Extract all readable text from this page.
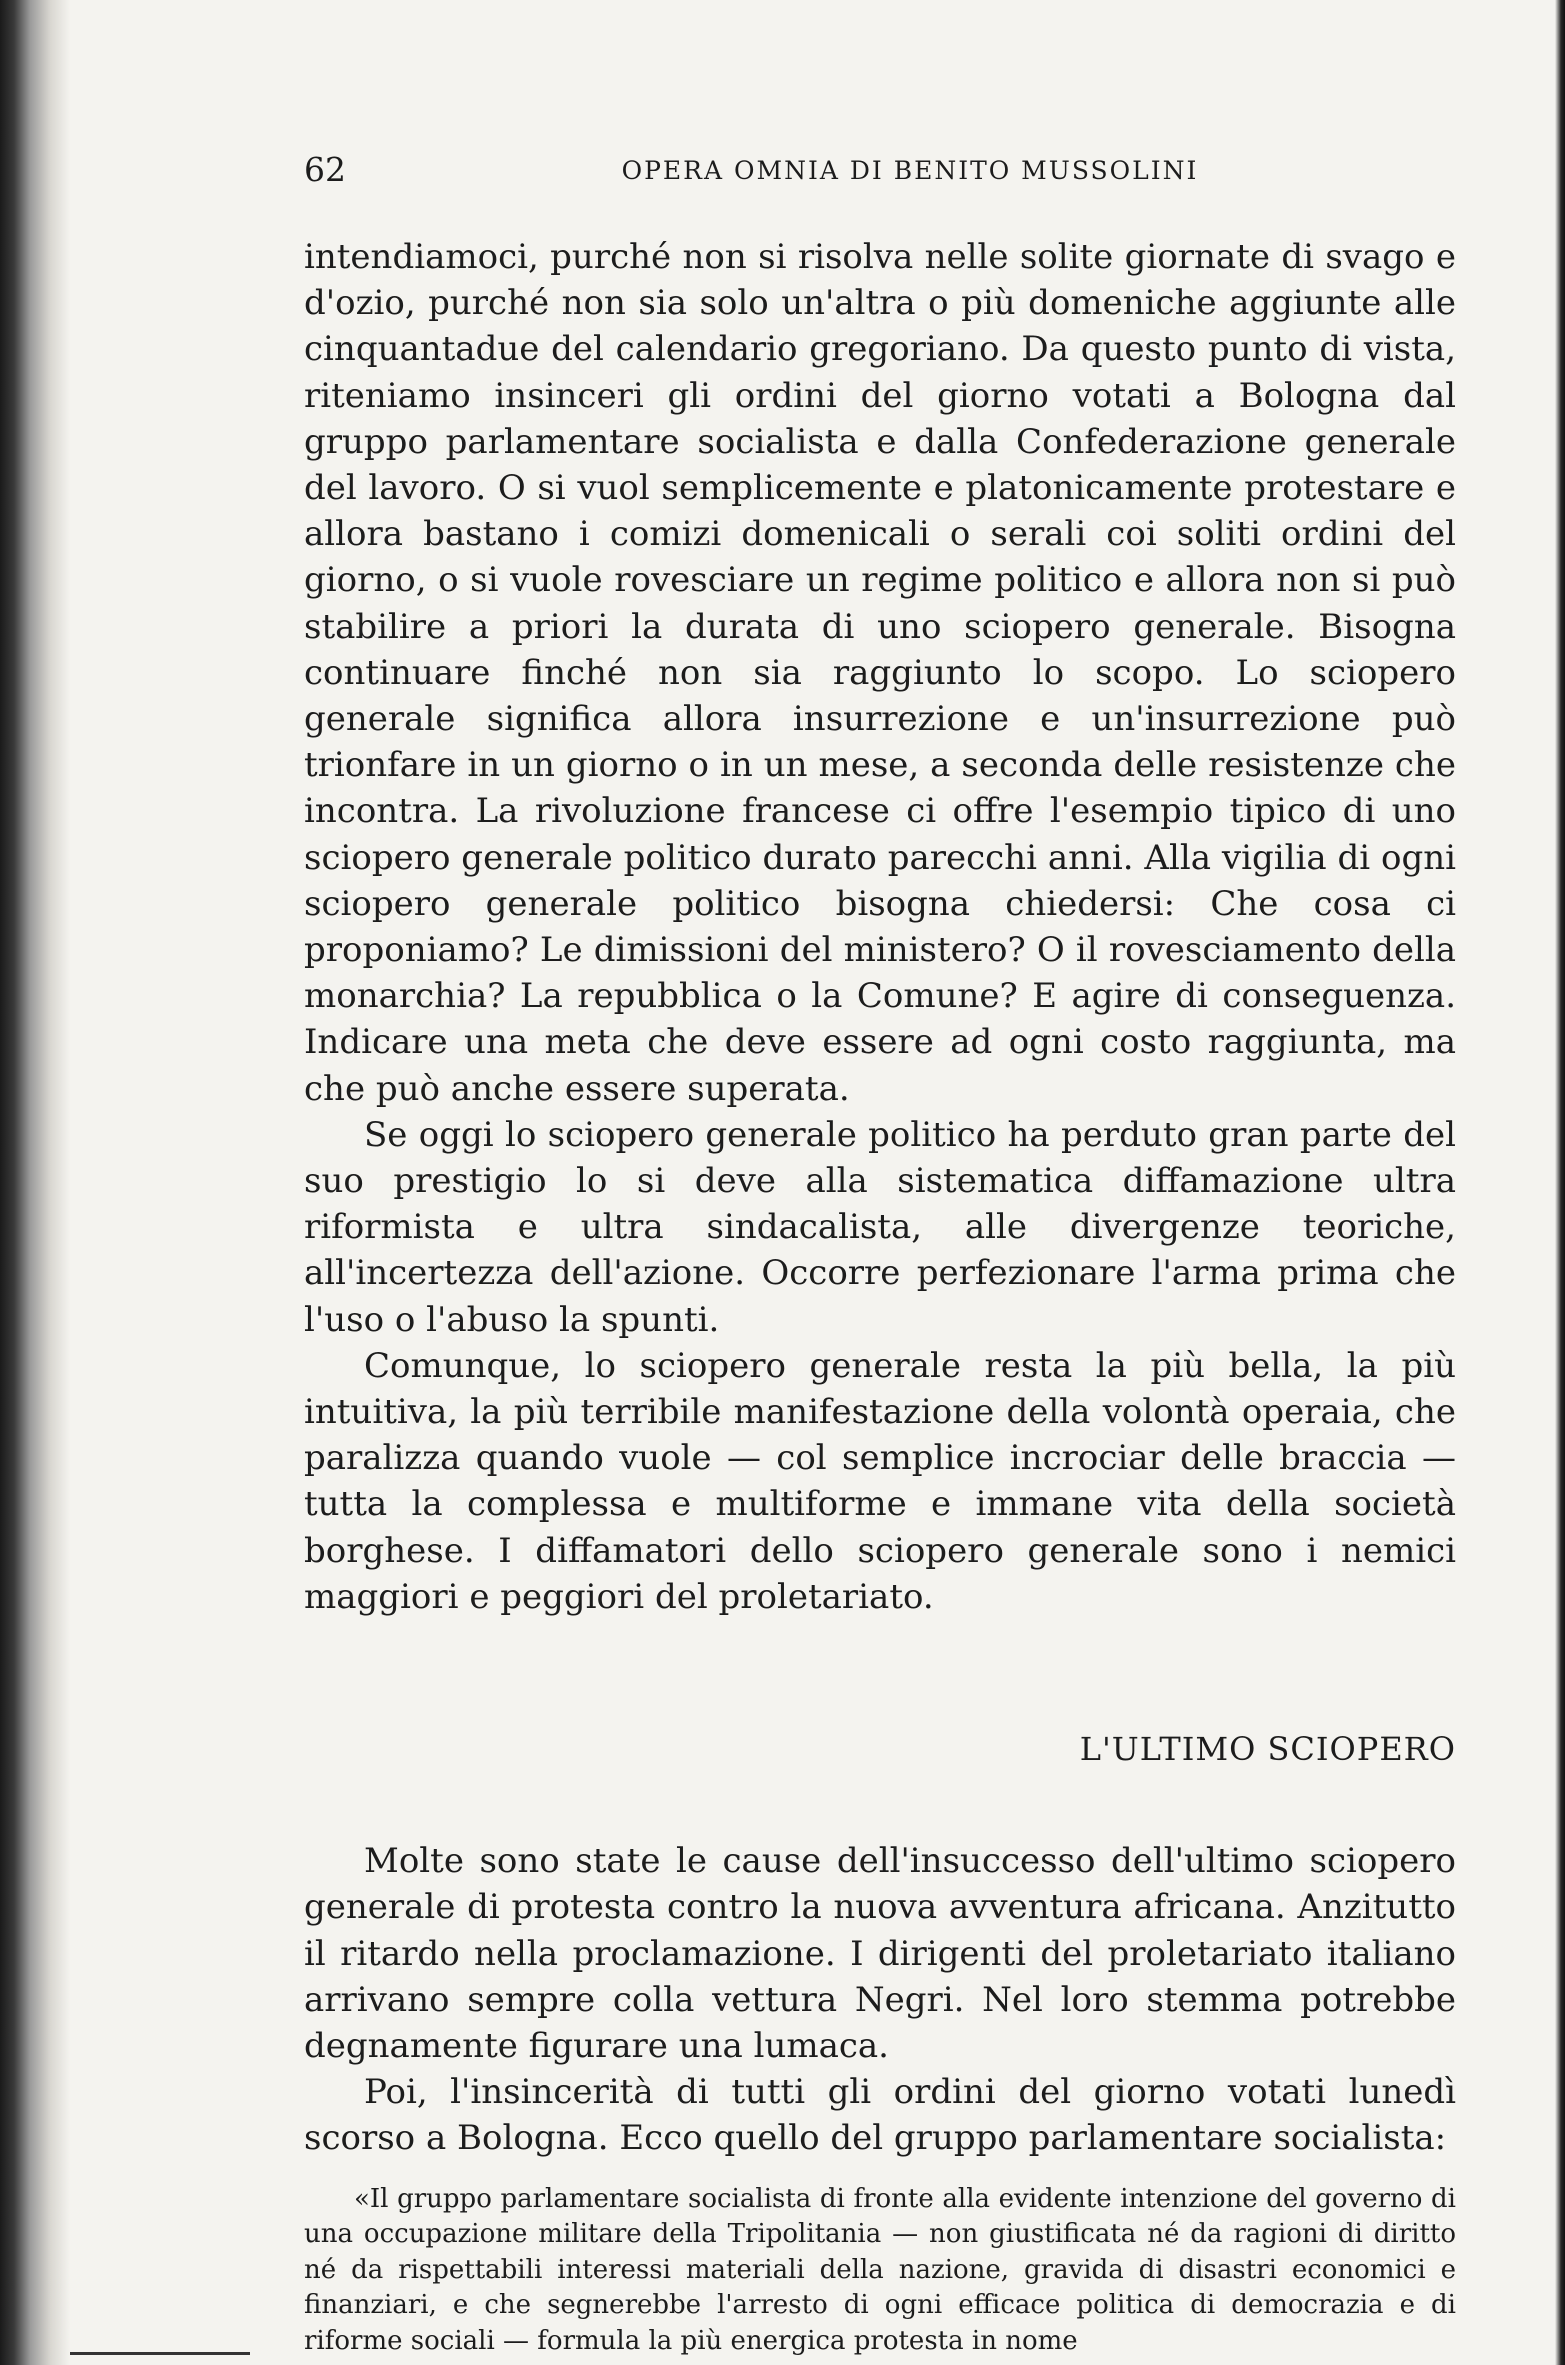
62	OPERA OMNIA DI BENITO MUSSOLINI

intendiamoci, purché non si risolva nelle solite giornate di svago e d'ozio, purché non sia solo un'altra o più domeniche aggiunte alle cinquantadue del calendario gregoriano. Da questo punto di vista, riteniamo insinceri gli ordini del giorno votati a Bologna dal gruppo parlamentare socialista e dalla Confederazione generale del lavoro. O si vuol semplicemente e platonicamente protestare e allora bastano i comizi domenicali o serali coi soliti ordini del giorno, o si vuole rovesciare un regime politico e allora non si può stabilire a priori la durata di uno sciopero generale. Bisogna continuare finché non sia raggiunto lo scopo. Lo sciopero generale significa allora insurrezione e un'insurrezione può trionfare in un giorno o in un mese, a seconda delle resistenze che incontra. La rivoluzione francese ci offre l'esempio tipico di uno sciopero generale politico durato parecchi anni. Alla vigilia di ogni sciopero generale politico bisogna chiedersi: Che cosa ci proponiamo? Le dimissioni del ministero? O il rovesciamento della monarchia? La repubblica o la Comune? E agire di conseguenza. Indicare una meta che deve essere ad ogni costo raggiunta, ma che può anche essere superata.

Se oggi lo sciopero generale politico ha perduto gran parte del suo prestigio lo si deve alla sistematica diffamazione ultra riformista e ultra sindacalista, alle divergenze teoriche, all'incertezza dell'azione. Occorre perfezionare l'arma prima che l'uso o l'abuso la spunti.

Comunque, lo sciopero generale resta la più bella, la più intuitiva, la più terribile manifestazione della volontà operaia, che paralizza quando vuole — col semplice incrociar delle braccia — tutta la complessa e multiforme e immane vita della società borghese. I diffamatori dello sciopero generale sono i nemici maggiori e peggiori del proletariato.

L'ULTIMO SCIOPERO

Molte sono state le cause dell'insuccesso dell'ultimo sciopero generale di protesta contro la nuova avventura africana. Anzitutto il ritardo nella proclamazione. I dirigenti del proletariato italiano arrivano sempre colla vettura Negri. Nel loro stemma potrebbe degnamente figurare una lumaca.

Poi, l'insincerità di tutti gli ordini del giorno votati lunedì scorso a Bologna. Ecco quello del gruppo parlamentare socialista:

«Il gruppo parlamentare socialista di fronte alla evidente intenzione del governo di una occupazione militare della Tripolitania — non giustificata né da ragioni di diritto né da rispettabili interessi materiali della nazione, gravida di disastri economici e finanziari, e che segnerebbe l'arresto di ogni efficace politica di democrazia e di riforme sociali — formula la più energica protesta in nome
